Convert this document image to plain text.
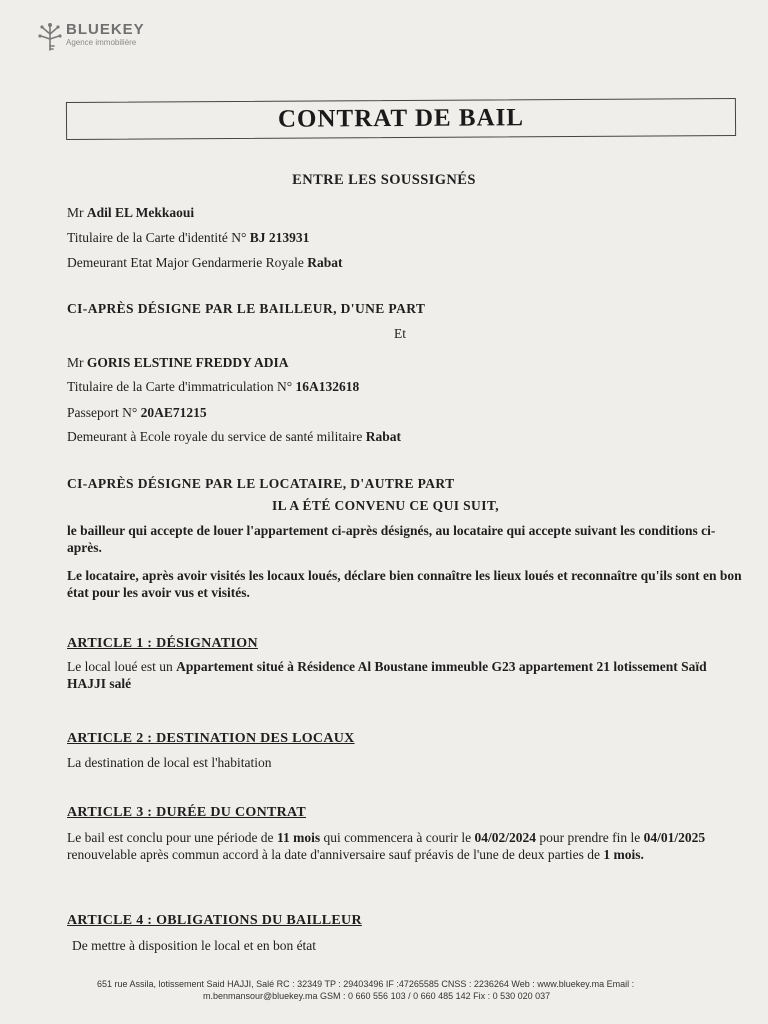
BLUEKEY
Agence immobilière
CONTRAT DE BAIL
ENTRE LES SOUSSIGNÉS
Mr Adil EL Mekkaoui
Titulaire de la Carte d'identité N° BJ 213931
Demeurant Etat Major Gendarmerie Royale Rabat
CI-APRÈS DÉSIGNE PAR LE BAILLEUR, D'UNE PART
Et
Mr GORIS ELSTINE FREDDY ADIA
Titulaire de la Carte d'immatriculation N° 16A132618
Passeport N° 20AE71215
Demeurant à Ecole royale du service de santé militaire Rabat
CI-APRÈS DÉSIGNE PAR LE LOCATAIRE, D'AUTRE PART
IL A ÉTÉ CONVENU CE QUI SUIT,
le bailleur qui accepte de louer l'appartement ci-après désignés, au locataire qui accepte suivant les conditions ci-après.
Le locataire, après avoir visités les locaux loués, déclare bien connaître les lieux loués et reconnaître qu'ils sont en bon état pour les avoir vus et visités.
ARTICLE 1 : DÉSIGNATION
Le local loué est un Appartement situé à Résidence Al Boustane immeuble G23 appartement 21 lotissement Saïd HAJJI salé
ARTICLE 2 : DESTINATION DES LOCAUX
La destination de local est l'habitation
ARTICLE 3 : DURÉE DU CONTRAT
Le bail est conclu pour une période de 11 mois qui commencera à courir le 04/02/2024 pour prendre fin le 04/01/2025 renouvelable après commun accord à la date d'anniversaire sauf préavis de l'une de deux parties de 1 mois.
ARTICLE 4 : OBLIGATIONS DU BAILLEUR
De mettre à disposition le local et en bon état
651 rue Assila, lotissement Said HAJJI, Salé RC : 32349 TP : 29403496 IF :47265585 CNSS : 2236264 Web : www.bluekey.ma Email :
m.benmansour@bluekey.ma GSM : 0 660 556 103 / 0 660 485 142 Fix : 0 530 020 037
